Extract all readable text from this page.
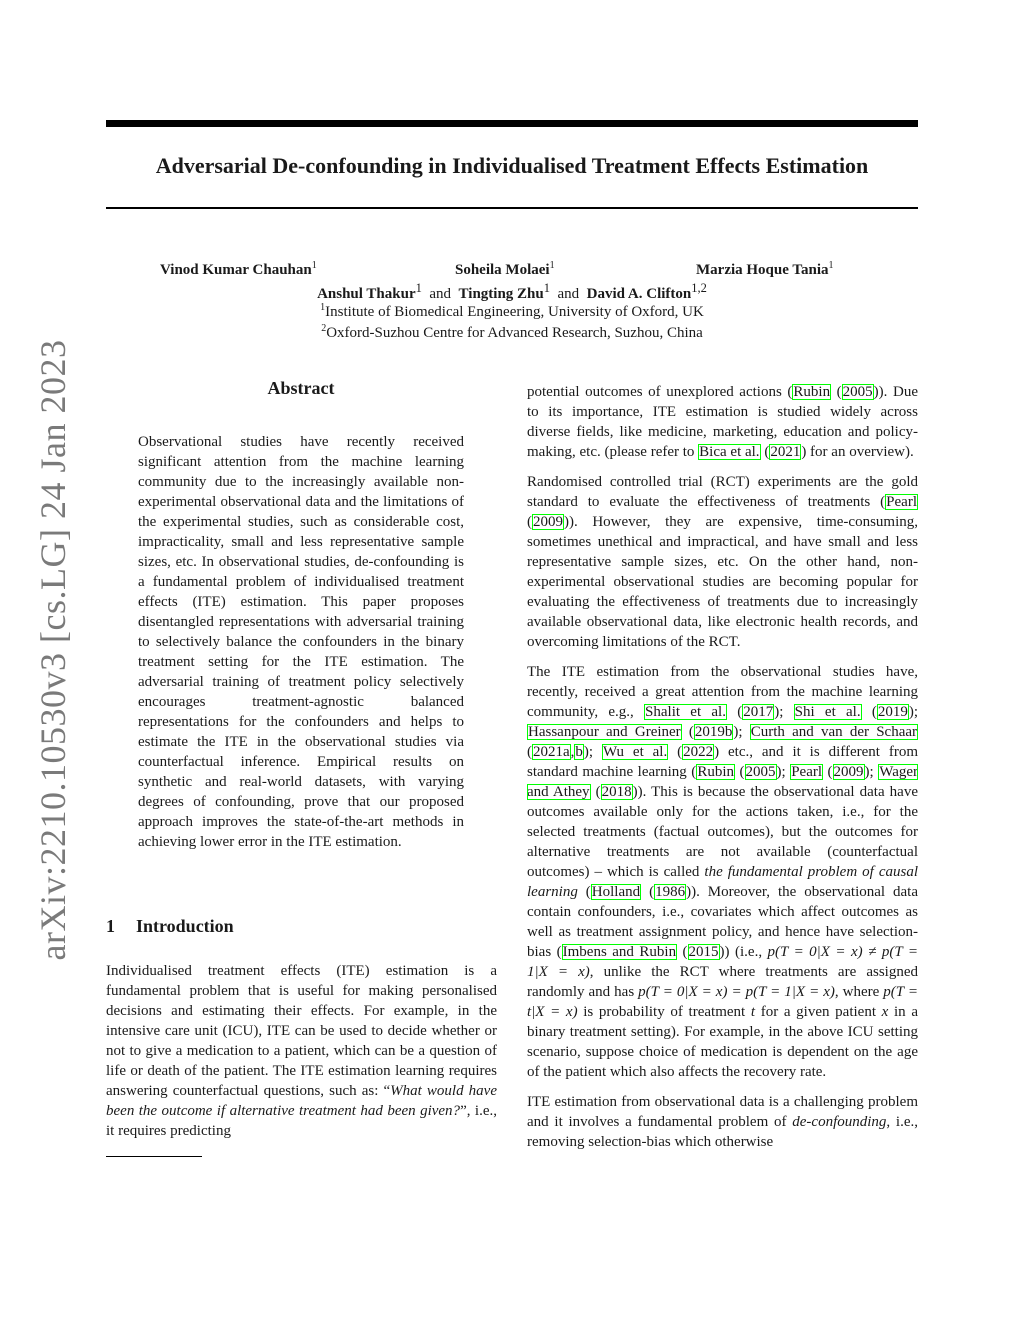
Adversarial De-confounding in Individualised Treatment Effects Estimation
Vinod Kumar Chauhan$^1$	Soheila Molaei$^1$	Marzia Hoque Tania$^1$
Anshul Thakur$^1$ and Tingting Zhu$^1$ and David A. Clifton$^{1,2}$
$^1$Institute of Biomedical Engineering, University of Oxford, UK
$^2$Oxford-Suzhou Centre for Advanced Research, Suzhou, China
arXiv:2210.10530v3 [cs.LG] 24 Jan 2023	Abstract

Observational studies have recently received significant attention from the machine learning community due to the increasingly available non-experimental observational data and the limitations of the experimental studies, such as considerable cost, impracticality, small and less representative sample sizes, etc. In observational studies, de-confounding is a fundamental problem of individualised treatment effects (ITE) estimation. This paper proposes disentangled representations with adversarial training to selectively balance the confounders in the binary treatment setting for the ITE estimation. The adversarial training of treatment policy selectively encourages treatment-agnostic balanced representations for the confounders and helps to estimate the ITE in the observational studies via counterfactual inference. Empirical results on synthetic and real-world datasets, with varying degrees of confounding, prove that our proposed approach improves the state-of-the-art methods in achieving lower error in the ITE estimation.

1 Introduction

Individualised treatment effects (ITE) estimation is a fundamental problem that is useful for making personalised decisions and estimating their effects. For example, in the intensive care unit (ICU), ITE can be used to decide whether or not to give a medication to a patient, which can be a question of life or death of the patient. The ITE estimation learning requires answering counterfactual questions, such as: “What would have been the outcome if alternative treatment had been given?”, i.e., it requires predicting

potential outcomes of unexplored actions (Rubin (2005)). Due to its importance, ITE estimation is studied widely across diverse fields, like medicine, marketing, education and policy-making, etc. (please refer to Bica et al. (2021) for an overview).

Randomised controlled trial (RCT) experiments are the gold standard to evaluate the effectiveness of treatments (Pearl (2009)). However, they are expensive, time-consuming, sometimes unethical and impractical, and have small and less representative sample sizes, etc. On the other hand, non-experimental observational studies are becoming popular for evaluating the effectiveness of treatments due to increasingly available observational data, like electronic health records, and overcoming limitations of the RCT.

The ITE estimation from the observational studies have, recently, received a great attention from the machine learning community, e.g., Shalit et al. (2017); Shi et al. (2019); Hassanpour and Greiner (2019b); Curth and van der Schaar (2021a,b); Wu et al. (2022) etc., and it is different from standard machine learning (Rubin (2005); Pearl (2009); Wager and Athey (2018)). This is because the observational data have outcomes available only for the actions taken, i.e., for the selected treatments (factual outcomes), but the outcomes for alternative treatments are not available (counterfactual outcomes) – which is called the fundamental problem of causal learning (Holland (1986)). Moreover, the observational data contain confounders, i.e., covariates which affect outcomes as well as treatment assignment policy, and hence have selection-bias (Imbens and Rubin (2015)) (i.e., p(T = 0|X = x) ≠ p(T = 1|X = x), unlike the RCT where treatments are assigned randomly and has p(T = 0|X = x) = p(T = 1|X = x), where p(T = t|X = x) is probability of treatment t for a given patient x in a binary treatment setting). For example, in the above ICU setting scenario, suppose choice of medication is dependent on the age of the patient which also affects the recovery rate.

ITE estimation from observational data is a challenging problem and it involves a fundamental problem of de-confounding, i.e., removing selection-bias which otherwise
